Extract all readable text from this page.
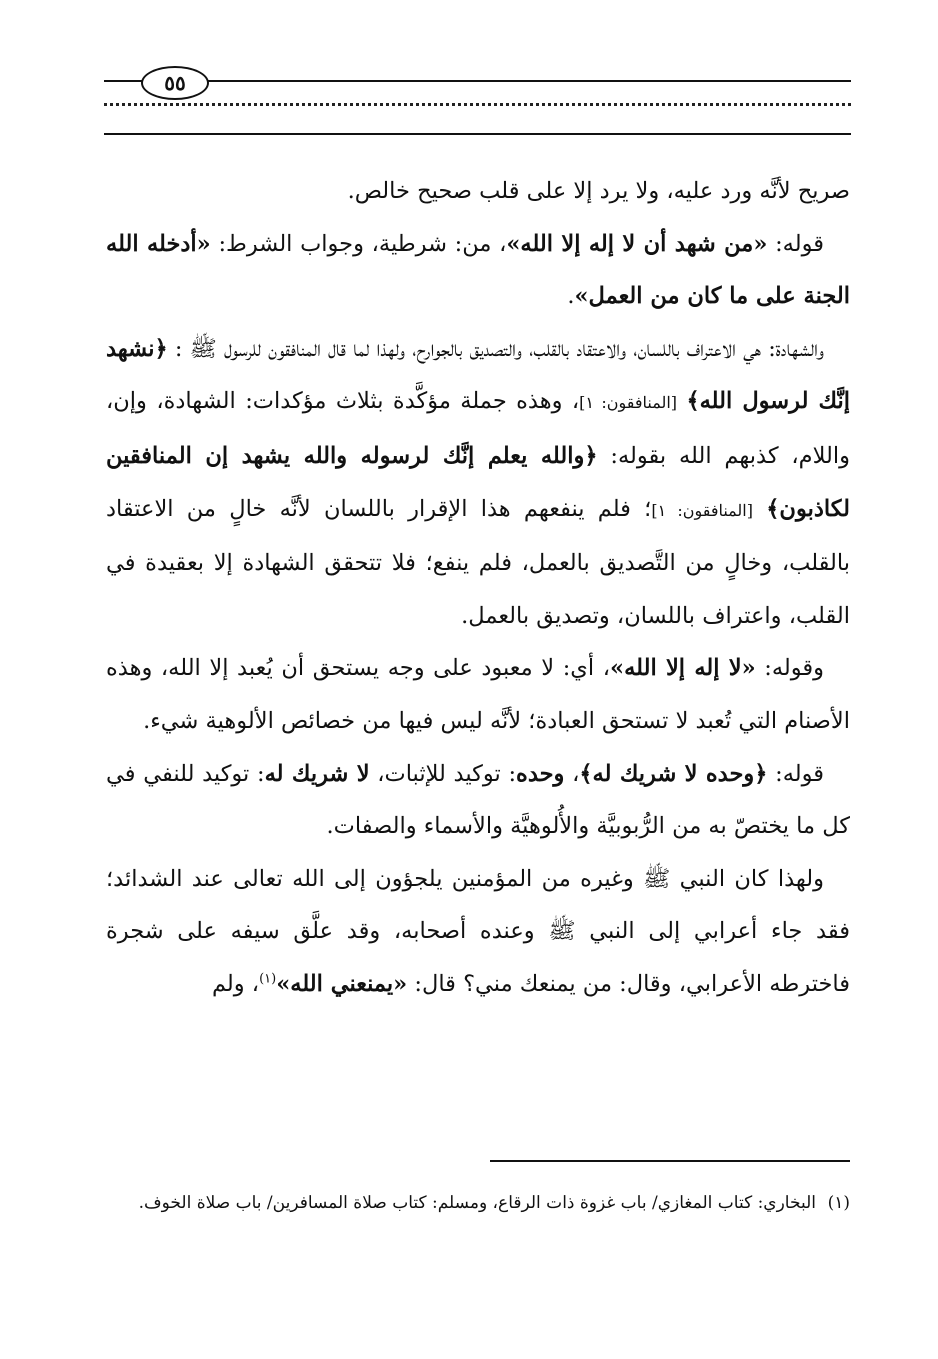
٥٥

صريح لأنَّه ورد عليه، ولا يرد إلا على قلب صحيح خالص.

قوله: «من شهد أن لا إله إلا الله»، من: شرطية، وجواب الشرط: «أدخله الله الجنة على ما كان من العمل».

والشهادة: هي الاعتراف باللسان، والاعتقاد بالقلب، والتصديق بالجوارح، ولهذا لما قال المنافقون للرسول ﷺ : ﴿نشهد إنَّك لرسول الله﴾ [المنافقون: ١]، وهذه جملة مؤكَّدة بثلاث مؤكدات: الشهادة، وإن، واللام، كذبهم الله بقوله: ﴿والله يعلم إنَّك لرسوله والله يشهد إن المنافقين لكاذبون﴾ [المنافقون: ١]؛ فلم ينفعهم هذا الإقرار باللسان لأنَّه خالٍ من الاعتقاد بالقلب، وخالٍ من التَّصديق بالعمل، فلم ينفع؛ فلا تتحقق الشهادة إلا بعقيدة في القلب، واعتراف باللسان، وتصديق بالعمل.

وقوله: «لا إله إلا الله»، أي: لا معبود على وجه يستحق أن يُعبد إلا الله، وهذه الأصنام التي تُعبد لا تستحق العبادة؛ لأنَّه ليس فيها من خصائص الألوهية شيء.

قوله: ﴿وحده لا شريك له﴾، وحده: توكيد للإثبات، لا شريك له: توكيد للنفي في كل ما يختصّ به من الرُّبوبيَّة والأُلوهيَّة والأسماء والصفات.

ولهذا كان النبي ﷺ وغيره من المؤمنين يلجؤون إلى الله تعالى عند الشدائد؛ فقد جاء أعرابي إلى النبي ﷺ وعنده أصحابه، وقد علَّق سيفه على شجرة فاخترطه الأعرابي، وقال: من يمنعك مني؟ قال: «يمنعني الله»$^{(١)}$، ولم

(١)البخاري: كتاب المغازي/ باب غزوة ذات الرقاع، ومسلم: كتاب صلاة المسافرين/ باب صلاة الخوف.
